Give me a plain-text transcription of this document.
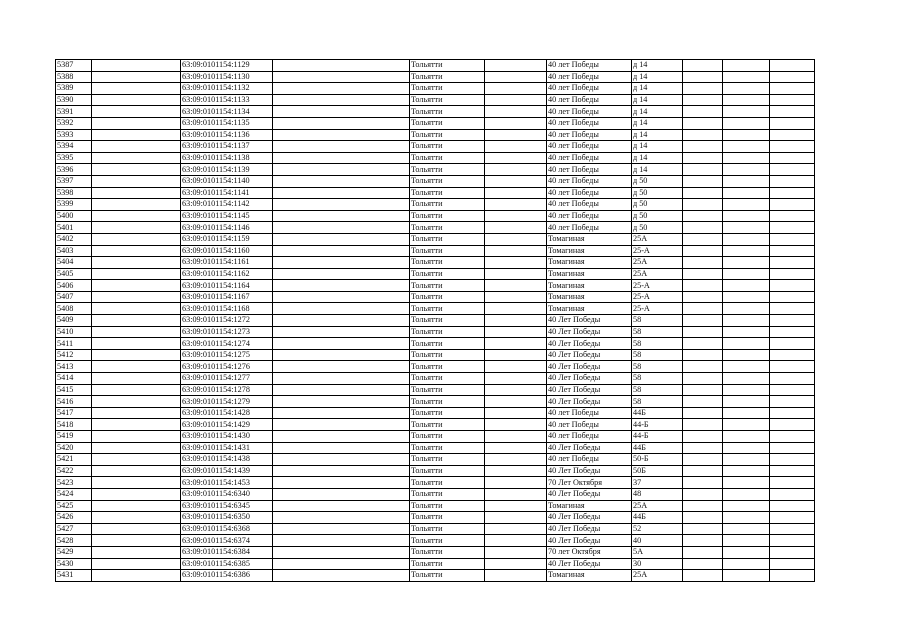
5387		63:09:0101154:1129		Тольятти		40 лет Победы	д 14			
5388		63:09:0101154:1130		Тольятти		40 лет Победы	д 14			
5389		63:09:0101154:1132		Тольятти		40 лет Победы	д 14			
5390		63:09:0101154:1133		Тольятти		40 лет Победы	д 14			
5391		63:09:0101154:1134		Тольятти		40 лет Победы	д 14			
5392		63:09:0101154:1135		Тольятти		40 лет Победы	д 14			
5393		63:09:0101154:1136		Тольятти		40 лет Победы	д 14			
5394		63:09:0101154:1137		Тольятти		40 лет Победы	д 14			
5395		63:09:0101154:1138		Тольятти		40 лет Победы	д 14			
5396		63:09:0101154:1139		Тольятти		40 лет Победы	д 14			
5397		63:09:0101154:1140		Тольятти		40 лет Победы	д 50			
5398		63:09:0101154:1141		Тольятти		40 лет Победы	д 50			
5399		63:09:0101154:1142		Тольятти		40 лет Победы	д 50			
5400		63:09:0101154:1145		Тольятти		40 лет Победы	д 50			
5401		63:09:0101154:1146		Тольятти		40 лет Победы	д 50			
5402		63:09:0101154:1159		Тольятти		Томагиная	25А			
5403		63:09:0101154:1160		Тольятти		Томагиная	25-А			
5404		63:09:0101154:1161		Тольятти		Томагиная	25А			
5405		63:09:0101154:1162		Тольятти		Томагиная	25А			
5406		63:09:0101154:1164		Тольятти		Томагиная	25-А			
5407		63:09:0101154:1167		Тольятти		Томагиная	25-А			
5408		63:09:0101154:1168		Тольятти		Томагиная	25-А			
5409		63:09:0101154:1272		Тольятти		40 Лет Победы	58			
5410		63:09:0101154:1273		Тольятти		40 Лет Победы	58			
5411		63:09:0101154:1274		Тольятти		40 Лет Победы	58			
5412		63:09:0101154:1275		Тольятти		40 Лет Победы	58			
5413		63:09:0101154:1276		Тольятти		40 Лет Победы	58			
5414		63:09:0101154:1277		Тольятти		40 Лет Победы	58			
5415		63:09:0101154:1278		Тольятти		40 Лет Победы	58			
5416		63:09:0101154:1279		Тольятти		40 Лет Победы	58			
5417		63:09:0101154:1428		Тольятти		40 лет Победы	44Б			
5418		63:09:0101154:1429		Тольятти		40 лет Победы	44-Б			
5419		63:09:0101154:1430		Тольятти		40 лет Победы	44-Б			
5420		63:09:0101154:1431		Тольятти		40 Лет Победы	44Б			
5421		63:09:0101154:1438		Тольятти		40 лет Победы	50-Б			
5422		63:09:0101154:1439		Тольятти		40 Лет Победы	50Б			
5423		63:09:0101154:1453		Тольятти		70 Лет Октября	37			
5424		63:09:0101154:6340		Тольятти		40 Лет Победы	48			
5425		63:09:0101154:6345		Тольятти		Томагиная	25А			
5426		63:09:0101154:6350		Тольятти		40 Лет Победы	44Б			
5427		63:09:0101154:6368		Тольятти		40 Лет Победы	52			
5428		63:09:0101154:6374		Тольятти		40 Лет Победы	40			
5429		63:09:0101154:6384		Тольятти		70 лет Октября	5А			
5430		63:09:0101154:6385		Тольятти		40 Лет Победы	30			
5431		63:09:0101154:6386		Тольятти		Томагиная	25А			
